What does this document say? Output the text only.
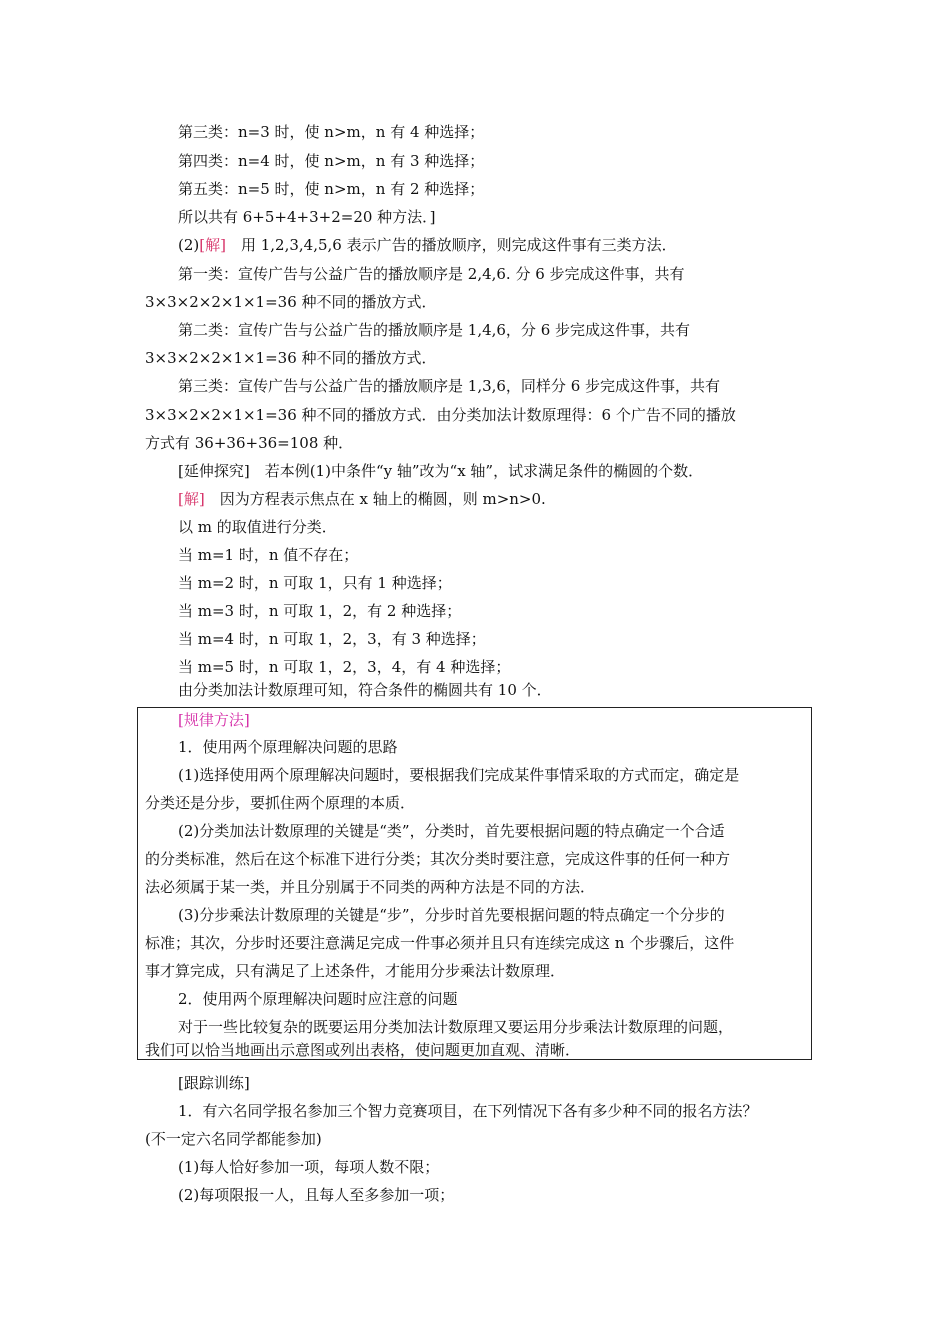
第三类：n=3 时，使 n>m，n 有 4 种选择；
第四类：n=4 时，使 n>m，n 有 3 种选择；
第五类：n=5 时，使 n>m，n 有 2 种选择；
所以共有 6+5+4+3+2=20 种方法．]
(2)[解]　用 1,2,3,4,5,6 表示广告的播放顺序，则完成这件事有三类方法．
第一类：宣传广告与公益广告的播放顺序是 2,4,6. 分 6 步完成这件事，共有
3×3×2×2×1×1=36 种不同的播放方式．
第二类：宣传广告与公益广告的播放顺序是 1,4,6，分 6 步完成这件事，共有
3×3×2×2×1×1=36 种不同的播放方式．
第三类：宣传广告与公益广告的播放顺序是 1,3,6，同样分 6 步完成这件事，共有
3×3×2×2×1×1=36 种不同的播放方式．由分类加法计数原理得：6 个广告不同的播放
方式有 36+36+36=108 种．
[延伸探究]　若本例(1)中条件“y 轴”改为“x 轴”，试求满足条件的椭圆的个数．
[解]　因为方程表示焦点在 x 轴上的椭圆，则 m>n>0.
以 m 的取值进行分类．
当 m=1 时，n 值不存在；
当 m=2 时，n 可取 1，只有 1 种选择；
当 m=3 时，n 可取 1，2，有 2 种选择；
当 m=4 时，n 可取 1，2，3，有 3 种选择；
当 m=5 时，n 可取 1，2，3，4，有 4 种选择；
由分类加法计数原理可知，符合条件的椭圆共有 10 个．
[规律方法]
1．使用两个原理解决问题的思路
(1)选择使用两个原理解决问题时，要根据我们完成某件事情采取的方式而定，确定是
分类还是分步，要抓住两个原理的本质．
(2)分类加法计数原理的关键是“类”，分类时，首先要根据问题的特点确定一个合适
的分类标准，然后在这个标准下进行分类；其次分类时要注意，完成这件事的任何一种方
法必须属于某一类，并且分别属于不同类的两种方法是不同的方法．
(3)分步乘法计数原理的关键是“步”，分步时首先要根据问题的特点确定一个分步的
标准；其次，分步时还要注意满足完成一件事必须并且只有连续完成这 n 个步骤后，这件
事才算完成，只有满足了上述条件，才能用分步乘法计数原理．
2．使用两个原理解决问题时应注意的问题
对于一些比较复杂的既要运用分类加法计数原理又要运用分步乘法计数原理的问题，
我们可以恰当地画出示意图或列出表格，使问题更加直观、清晰．
[跟踪训练]
1．有六名同学报名参加三个智力竞赛项目，在下列情况下各有多少种不同的报名方法？
(不一定六名同学都能参加)
(1)每人恰好参加一项，每项人数不限；
(2)每项限报一人，且每人至多参加一项；
